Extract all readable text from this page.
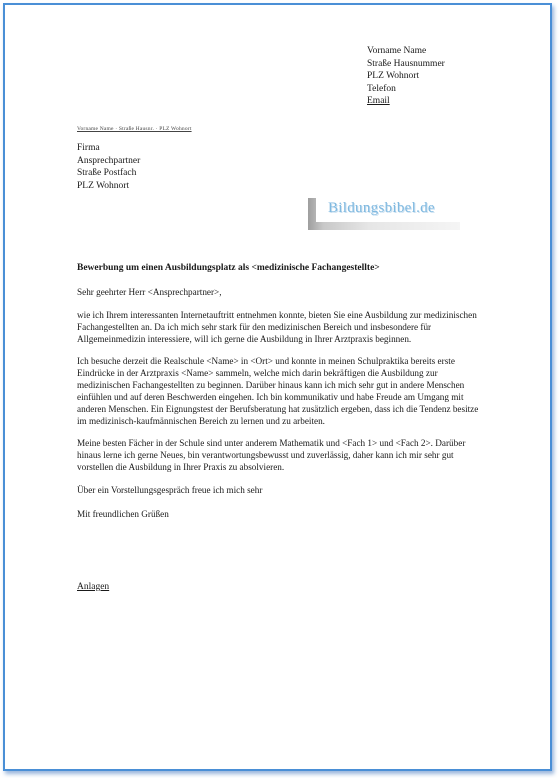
Vorname Name
Straße Hausnummer
PLZ Wohnort
Telefon
Email
Vorname Name · Straße Hausnr. · PLZ Wohnort
Firma
Ansprechpartner
Straße Postfach
PLZ Wohnort
Bildungsbibel.de
Bewerbung um einen Ausbildungsplatz als <medizinische Fachangestellte>

Sehr geehrter Herr <Ansprechpartner>,

wie ich Ihrem interessanten Internetauftritt entnehmen konnte, bieten Sie eine Ausbildung zur medizinischen Fachangestellten an. Da ich mich sehr stark für den medizinischen Bereich und insbesondere für Allgemeinmedizin interessiere, will ich gerne die Ausbildung in Ihrer Arztpraxis beginnen.

Ich besuche derzeit die Realschule <Name> in <Ort> und konnte in meinen Schulpraktika bereits erste Eindrücke in der Arztpraxis <Name> sammeln, welche mich darin bekräftigen die Ausbildung zur medizinischen Fachangestellten zu beginnen. Darüber hinaus kann ich mich sehr gut in andere Menschen einfühlen und auf deren Beschwerden eingehen. Ich bin kommunikativ und habe Freude am Umgang mit anderen Menschen. Ein Eignungstest der Berufsberatung hat zusätzlich ergeben, dass ich die Tendenz besitze im medizinisch-kaufmännischen Bereich zu lernen und zu arbeiten.

Meine besten Fächer in der Schule sind unter anderem Mathematik und <Fach 1> und <Fach 2>. Darüber hinaus lerne ich gerne Neues, bin verantwortungsbewusst und zuverlässig, daher kann ich mir sehr gut vorstellen die Ausbildung in Ihrer Praxis zu absolvieren.

Über ein Vorstellungsgespräch freue ich mich sehr

Mit freundlichen Grüßen

Anlagen
